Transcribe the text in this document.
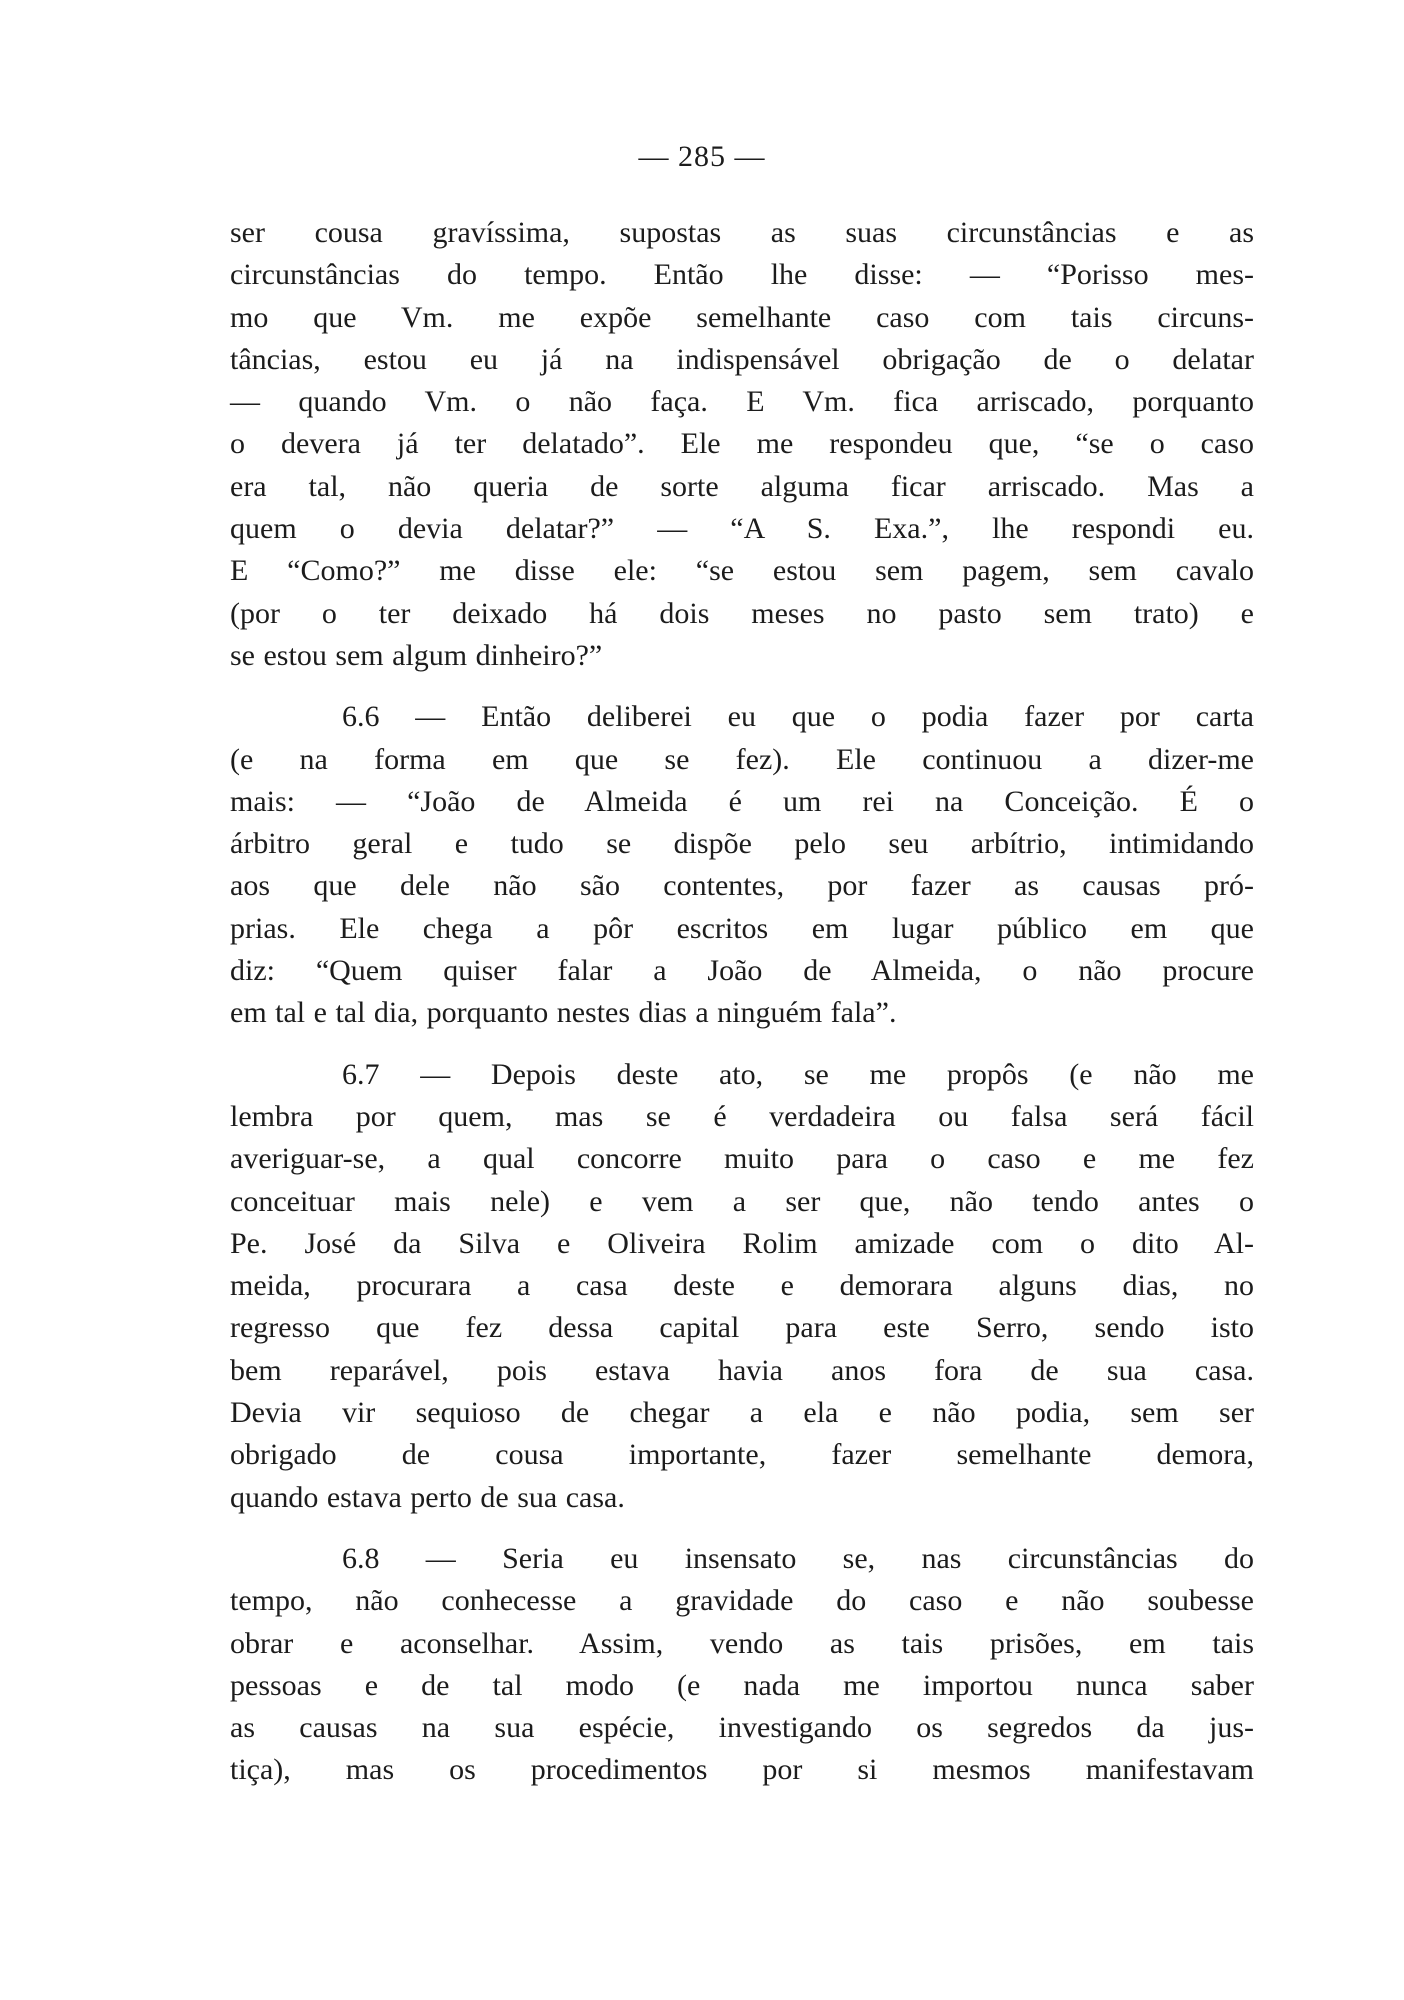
— 285 —

ser cousa gravíssima, supostas as suas circunstâncias e as
circunstâncias do tempo. Então lhe disse: — “Porisso mes-
mo que Vm. me expõe semelhante caso com tais circuns-
tâncias, estou eu já na indispensável obrigação de o delatar
— quando Vm. o não faça. E Vm. fica arriscado, porquanto
o devera já ter delatado”. Ele me respondeu que, “se o caso
era tal, não queria de sorte alguma ficar arriscado. Mas a
quem o devia delatar?” — “A S. Exa.”, lhe respondi eu.
E “Como?” me disse ele: “se estou sem pagem, sem cavalo
(por o ter deixado há dois meses no pasto sem trato) e
se estou sem algum dinheiro?”

6.6 — Então deliberei eu que o podia fazer por carta
(e na forma em que se fez). Ele continuou a dizer-me
mais: — “João de Almeida é um rei na Conceição. É o
árbitro geral e tudo se dispõe pelo seu arbítrio, intimidando
aos que dele não são contentes, por fazer as causas pró-
prias. Ele chega a pôr escritos em lugar público em que
diz: “Quem quiser falar a João de Almeida, o não procure
em tal e tal dia, porquanto nestes dias a ninguém fala”.

6.7 — Depois deste ato, se me propôs (e não me
lembra por quem, mas se é verdadeira ou falsa será fácil
averiguar-se, a qual concorre muito para o caso e me fez
conceituar mais nele) e vem a ser que, não tendo antes o
Pe. José da Silva e Oliveira Rolim amizade com o dito Al-
meida, procurara a casa deste e demorara alguns dias, no
regresso que fez dessa capital para este Serro, sendo isto
bem reparável, pois estava havia anos fora de sua casa.
Devia vir sequioso de chegar a ela e não podia, sem ser
obrigado de cousa importante, fazer semelhante demora,
quando estava perto de sua casa.

6.8 — Seria eu insensato se, nas circunstâncias do
tempo, não conhecesse a gravidade do caso e não soubesse
obrar e aconselhar. Assim, vendo as tais prisões, em tais
pessoas e de tal modo (e nada me importou nunca saber
as causas na sua espécie, investigando os segredos da jus-
tiça), mas os procedimentos por si mesmos manifestavam
